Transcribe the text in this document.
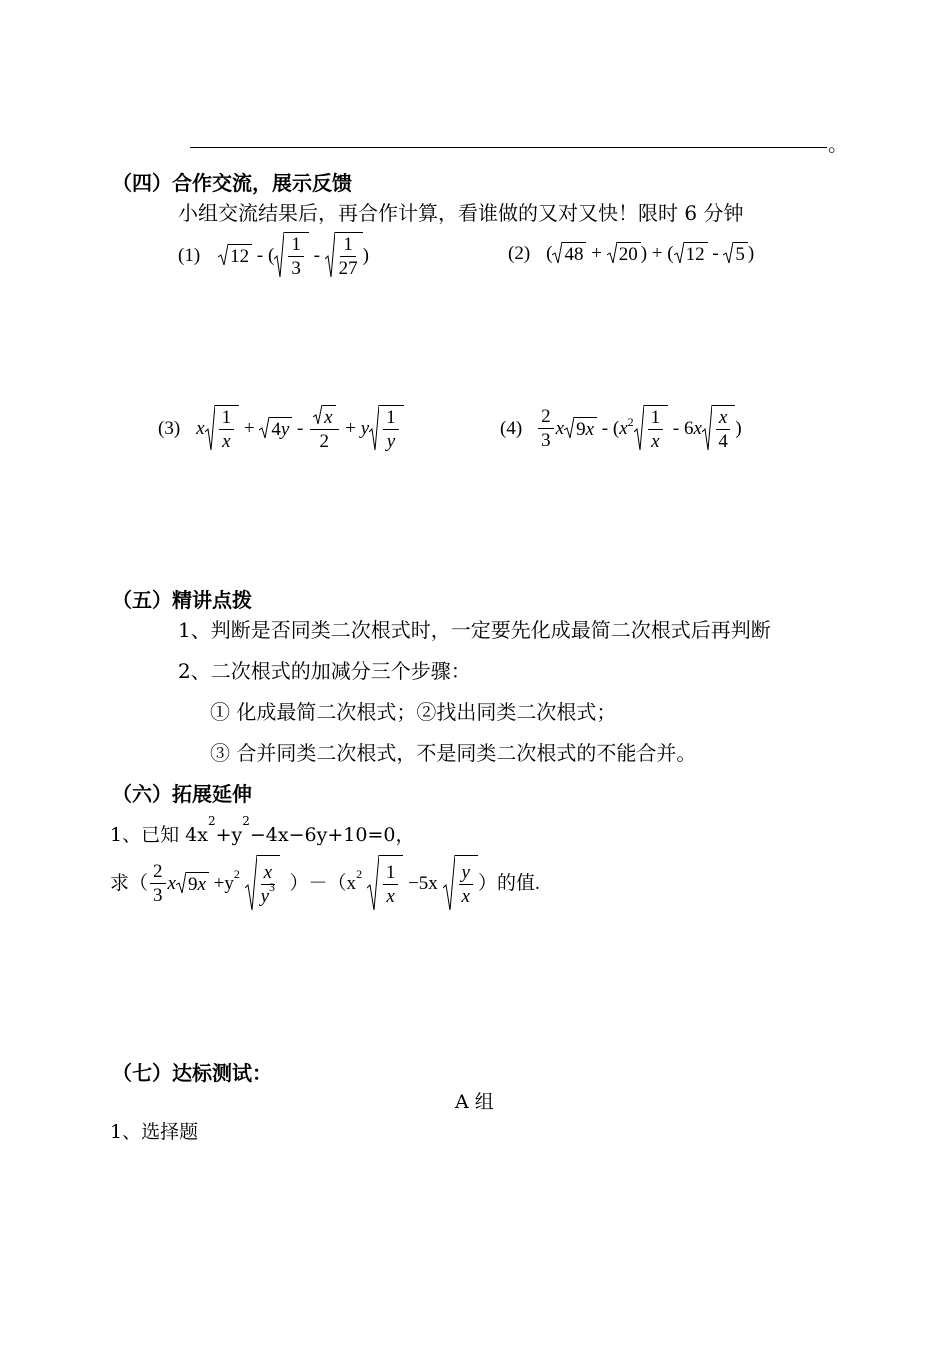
。
（四）合作交流，展示反馈
小组交流结果后，再合作计算，看谁做的又对又快！限时 6 分钟
(1) 12 - ( $\frac{1}{3} - \frac{1}{27}$ )	(2) ( 48 + 20 ) + ( 12 - 5 )
(3) x $\frac{1}{x} + 4$ $y - \frac{x}{2} + y \frac{1}{y}$	$(4) \frac{2}{3}$ x 9 x - ( x $2 \frac{1}{x} - 6x \frac{x}{4}$ )
（五）精讲点拨
1、判断是否同类二次根式时，一定要先化成最简二次根式后再判断
2、二次根式的加减分三个步骤：
① 化成最简二次根式；②找出同类二次根式；
③ 合并同类二次根式，不是同类二次根式的不能合并。
（六）拓展延伸
1、已知 $4x^2+y^2-4x-6y+10=0$，
求（ $\frac{2}{3}$ x 9 $x +y^2 \frac{x}{y^3} )-(x^2 \frac{1}{x} -5x \frac{y}{x}$ ）的值.
（七）达标测试：
A 组
1、选择题
